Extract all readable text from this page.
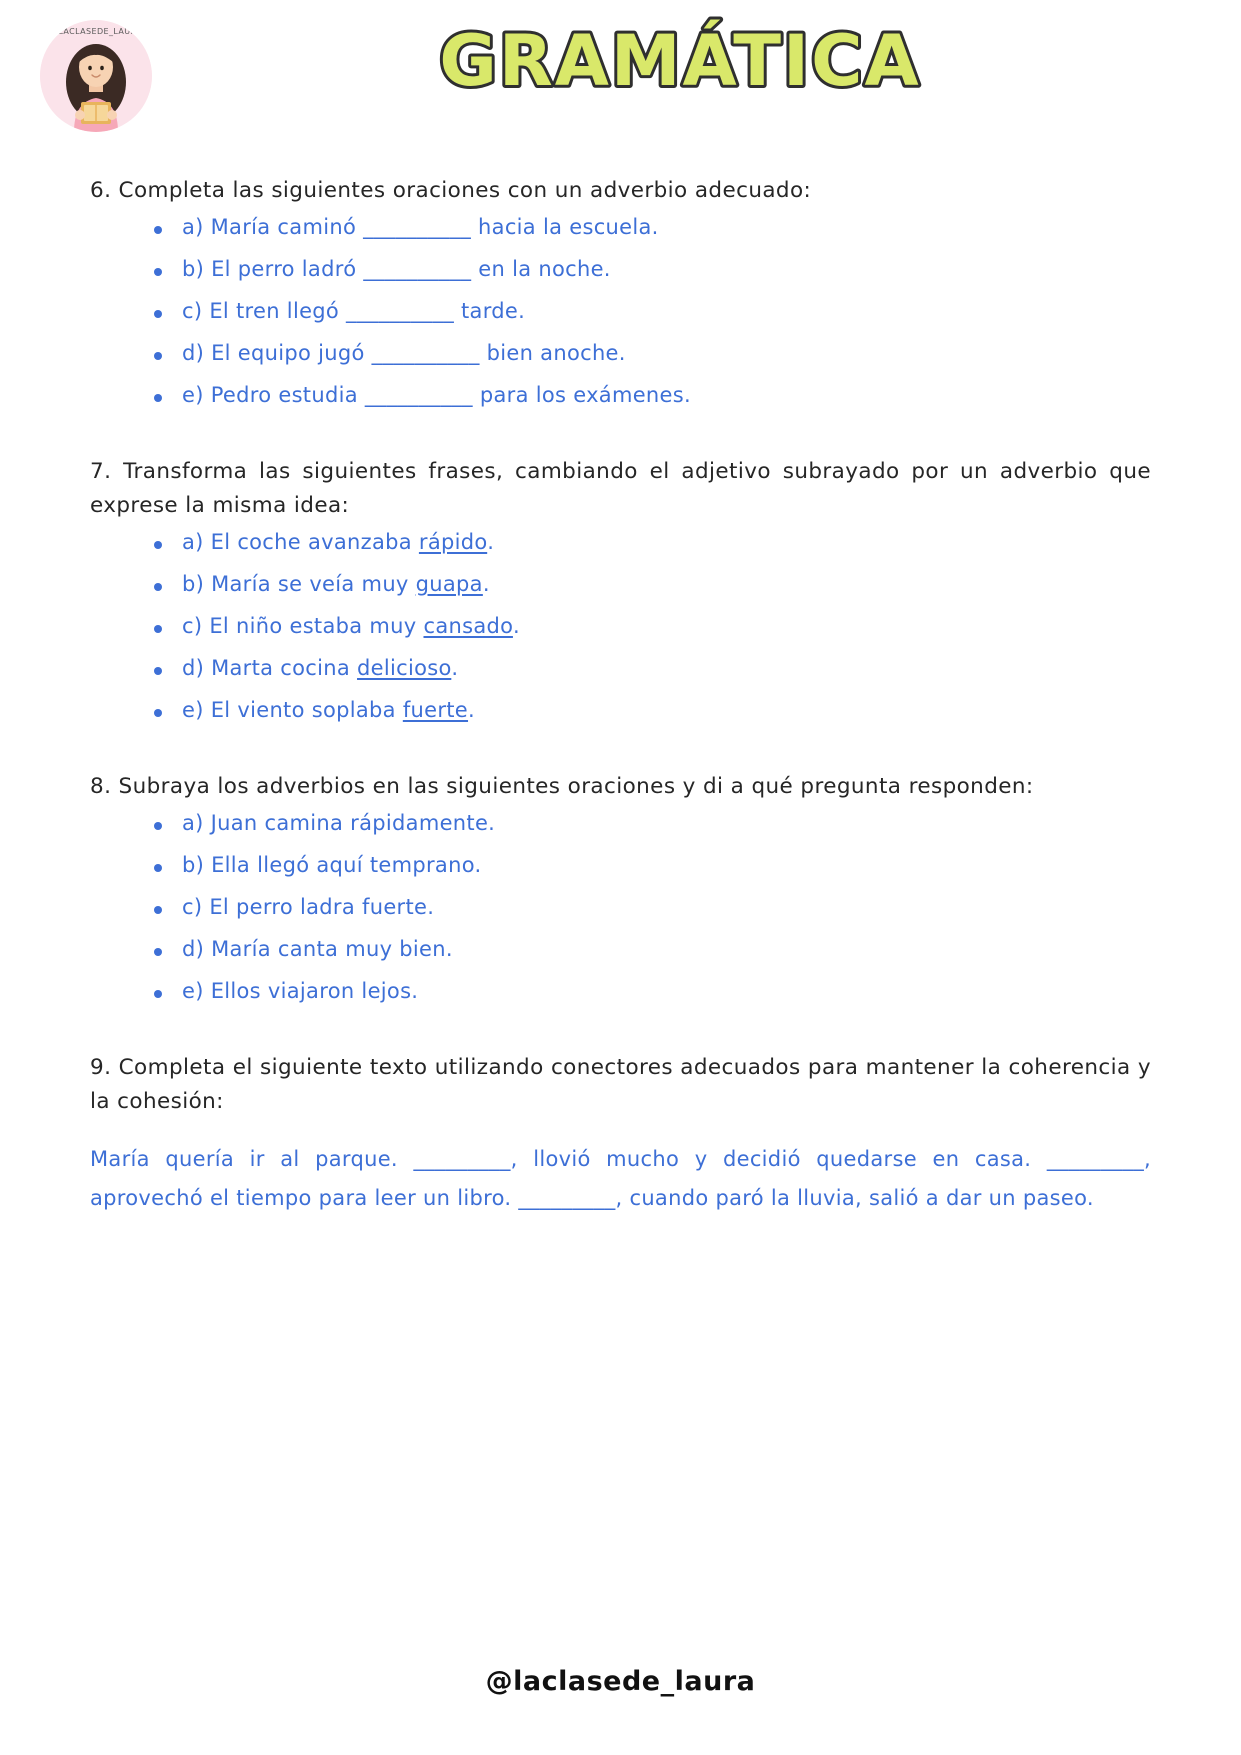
@LACLASEDE_LAURA	GRAMÁTICA

6. Completa las siguientes oraciones con un adverbio adecuado:

a) María caminó __________ hacia la escuela.
b) El perro ladró __________ en la noche.
c) El tren llegó __________ tarde.
d) El equipo jugó __________ bien anoche.
e) Pedro estudia __________ para los exámenes.

7. Transforma las siguientes frases, cambiando el adjetivo subrayado por un adverbio que exprese la misma idea:

a) El coche avanzaba rápido.
b) María se veía muy guapa.
c) El niño estaba muy cansado.
d) Marta cocina delicioso.
e) El viento soplaba fuerte.

8. Subraya los adverbios en las siguientes oraciones y di a qué pregunta responden:

a) Juan camina rápidamente.
b) Ella llegó aquí temprano.
c) El perro ladra fuerte.
d) María canta muy bien.
e) Ellos viajaron lejos.

9. Completa el siguiente texto utilizando conectores adecuados para mantener la coherencia y la cohesión:

María quería ir al parque. _________, llovió mucho y decidió quedarse en casa. _________, aprovechó el tiempo para leer un libro. _________, cuando paró la lluvia, salió a dar un paseo.

@laclasede_laura
